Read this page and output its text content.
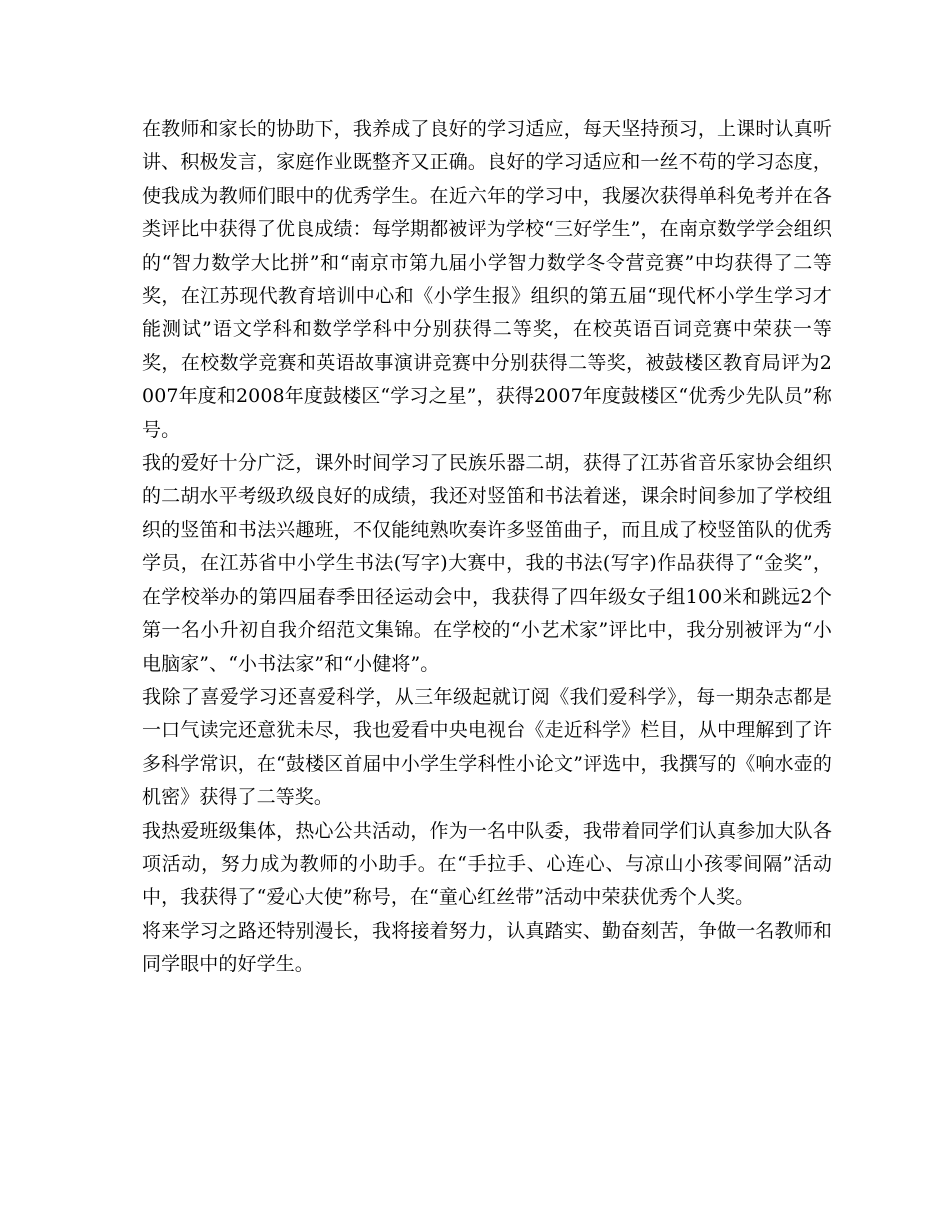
在教师和家长的协助下，我养成了良好的学习适应，每天坚持预习，上课时认真听讲、积极发言，家庭作业既整齐又正确。良好的学习适应和一丝不苟的学习态度，使我成为教师们眼中的优秀学生。在近六年的学习中，我屡次获得单科免考并在各类评比中获得了优良成绩：每学期都被评为学校“三好学生”，在南京数学学会组织的“智力数学大比拼”和“南京市第九届小学智力数学冬令营竞赛”中均获得了二等奖，在江苏现代教育培训中心和《小学生报》组织的第五届“现代杯小学生学习才能测试”语文学科和数学学科中分别获得二等奖，在校英语百词竞赛中荣获一等奖，在校数学竞赛和英语故事演讲竞赛中分别获得二等奖，被鼓楼区教育局评为2007年度和2008年度鼓楼区“学习之星”，获得2007年度鼓楼区“优秀少先队员”称号。

我的爱好十分广泛，课外时间学习了民族乐器二胡，获得了江苏省音乐家协会组织的二胡水平考级玖级良好的成绩，我还对竖笛和书法着迷，课余时间参加了学校组织的竖笛和书法兴趣班，不仅能纯熟吹奏许多竖笛曲子，而且成了校竖笛队的优秀学员，在江苏省中小学生书法(写字)大赛中，我的书法(写字)作品获得了“金奖”，在学校举办的第四届春季田径运动会中，我获得了四年级女子组100米和跳远2个第一名小升初自我介绍范文集锦。在学校的“小艺术家”评比中，我分别被评为“小电脑家”、“小书法家”和“小健将”。

我除了喜爱学习还喜爱科学，从三年级起就订阅《我们爱科学》，每一期杂志都是一口气读完还意犹未尽，我也爱看中央电视台《走近科学》栏目，从中理解到了许多科学常识，在“鼓楼区首届中小学生学科性小论文”评选中，我撰写的《响水壶的机密》获得了二等奖。

我热爱班级集体，热心公共活动，作为一名中队委，我带着同学们认真参加大队各项活动，努力成为教师的小助手。在“手拉手、心连心、与凉山小孩零间隔”活动中，我获得了“爱心大使”称号，在“童心红丝带”活动中荣获优秀个人奖。

将来学习之路还特别漫长，我将接着努力，认真踏实、勤奋刻苦，争做一名教师和同学眼中的好学生。
